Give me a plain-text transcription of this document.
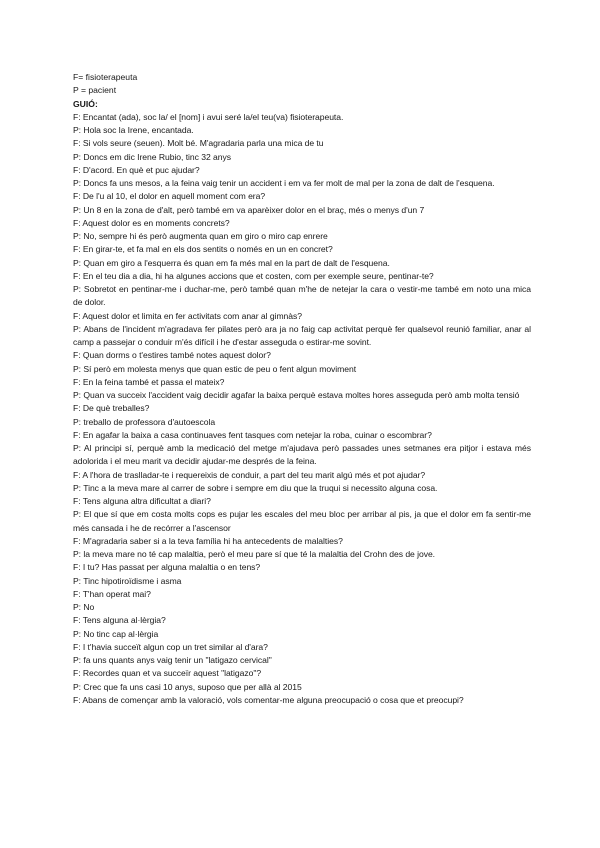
F= fisioterapeuta

P = pacient

GUIÓ:

F: Encantat (ada), soc la/ el [nom] i avui seré la/el teu(va) fisioterapeuta.

P: Hola soc la Irene, encantada.

F: Si vols seure (seuen). Molt bé. M'agradaria parla una mica de tu

P: Doncs em dic Irene Rubio, tinc 32 anys

F: D'acord. En què et puc ajudar?

P: Doncs fa uns mesos, a la feina vaig tenir un accident i em va fer molt de mal per la zona de dalt de l'esquena.

F: De l'u al 10, el dolor en aquell moment com era?

P: Un 8 en la zona de d'alt, però també em va aparèixer dolor en el braç, més o menys d'un 7

F: Aquest dolor es en moments concrets?

P: No, sempre hi és però augmenta quan em giro o miro cap enrere

F: En girar-te, et fa mal en els dos sentits o només en un en concret?

P: Quan em giro a l'esquerra és quan em fa més mal en la part de dalt de l'esquena.

F: En el teu dia a dia, hi ha algunes accions que et costen, com per exemple seure, pentinar-te?

P: Sobretot en pentinar-me i duchar-me, però també quan m'he de netejar la cara o vestir-me també em noto una mica de dolor.

F: Aquest dolor et limita en fer activitats com anar al gimnàs?

P: Abans de l'incident m'agradava fer pilates però ara ja no faig cap activitat perquè fer qualsevol reunió familiar, anar al camp a passejar o conduir m'és difícil i he d'estar asseguda o estirar-me sovint.

F: Quan dorms o t'estires també notes aquest dolor?

P: Sí però em molesta menys que quan estic de peu o fent algun moviment

F: En la feina també et passa el mateix?

P: Quan va succeix l'accident vaig decidir agafar la baixa perquè estava moltes hores asseguda però amb molta tensió

F: De què treballes?

P: treballo de professora d'autoescola

F: En agafar la baixa a casa continuaves fent tasques com netejar la roba, cuinar o escombrar?

P: Al principi sí, perquè amb la medicació del metge m'ajudava però passades unes setmanes era pitjor i estava més adolorida i el meu marit va decidir ajudar-me després de la feina.

F: A l'hora de traslladar-te i requereixis de conduir, a part del teu marit algú més et pot ajudar?

P: Tinc a la meva mare al carrer de sobre i sempre em diu que la truqui si necessito alguna cosa.

F: Tens alguna altra dificultat a diari?

P: El que sí que em costa molts cops es pujar les escales del meu bloc per arribar al pis, ja que el dolor em fa sentir-me més cansada i he de recórrer a l'ascensor

F: M'agradaria saber si a la teva família hi ha antecedents de malalties?

P: la meva mare no té cap malaltia, però el meu pare sí que té la malaltia del Crohn des de jove.

F: I tu? Has passat per alguna malaltia o en tens?

P: Tinc hipotiroïdisme i asma

F: T'han operat mai?

P: No

F: Tens alguna al·lèrgia?

P: No tinc cap al·lèrgia

F: I t'havia succeït algun cop un tret similar al d'ara?

P: fa uns quants anys vaig tenir un "latigazo cervical"

F: Recordes quan et va succeïr aquest "latigazo"?

P: Crec que fa uns casi 10 anys, suposo que per allà al 2015

F: Abans de començar amb la valoració, vols comentar-me alguna preocupació o cosa que et preocupi?
